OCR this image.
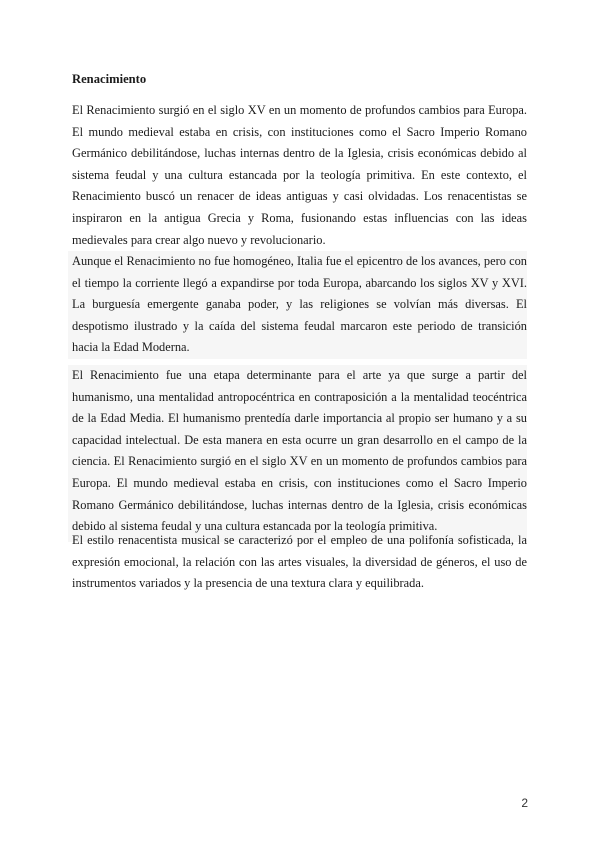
Renacimiento

El Renacimiento surgió en el siglo XV en un momento de profundos cambios para Europa. El mundo medieval estaba en crisis, con instituciones como el Sacro Imperio Romano Germánico debilitándose, luchas internas dentro de la Iglesia, crisis económicas debido al sistema feudal y una cultura estancada por la teología primitiva. En este contexto, el Renacimiento buscó un renacer de ideas antiguas y casi olvidadas. Los renacentistas se inspiraron en la antigua Grecia y Roma, fusionando estas influencias con las ideas medievales para crear algo nuevo y revolucionario.

Aunque el Renacimiento no fue homogéneo, Italia fue el epicentro de los avances, pero con el tiempo la corriente llegó a expandirse por toda Europa, abarcando los siglos XV y XVI. La burguesía emergente ganaba poder, y las religiones se volvían más diversas. El despotismo ilustrado y la caída del sistema feudal marcaron este periodo de transición hacia la Edad Moderna.

El Renacimiento fue una etapa determinante para el arte ya que surge a partir del humanismo, una mentalidad antropocéntrica en contraposición a la mentalidad teocéntrica de la Edad Media. El humanismo prentedía darle importancia al propio ser humano y a su capacidad intelectual. De esta manera en esta ocurre un gran desarrollo en el campo de la ciencia. El Renacimiento surgió en el siglo XV en un momento de profundos cambios para Europa. El mundo medieval estaba en crisis, con instituciones como el Sacro Imperio Romano Germánico debilitándose, luchas internas dentro de la Iglesia, crisis económicas debido al sistema feudal y una cultura estancada por la teología primitiva.

El estilo renacentista musical se caracterizó por el empleo de una polifonía sofisticada, la expresión emocional, la relación con las artes visuales, la diversidad de géneros, el uso de instrumentos variados y la presencia de una textura clara y equilibrada.

2
